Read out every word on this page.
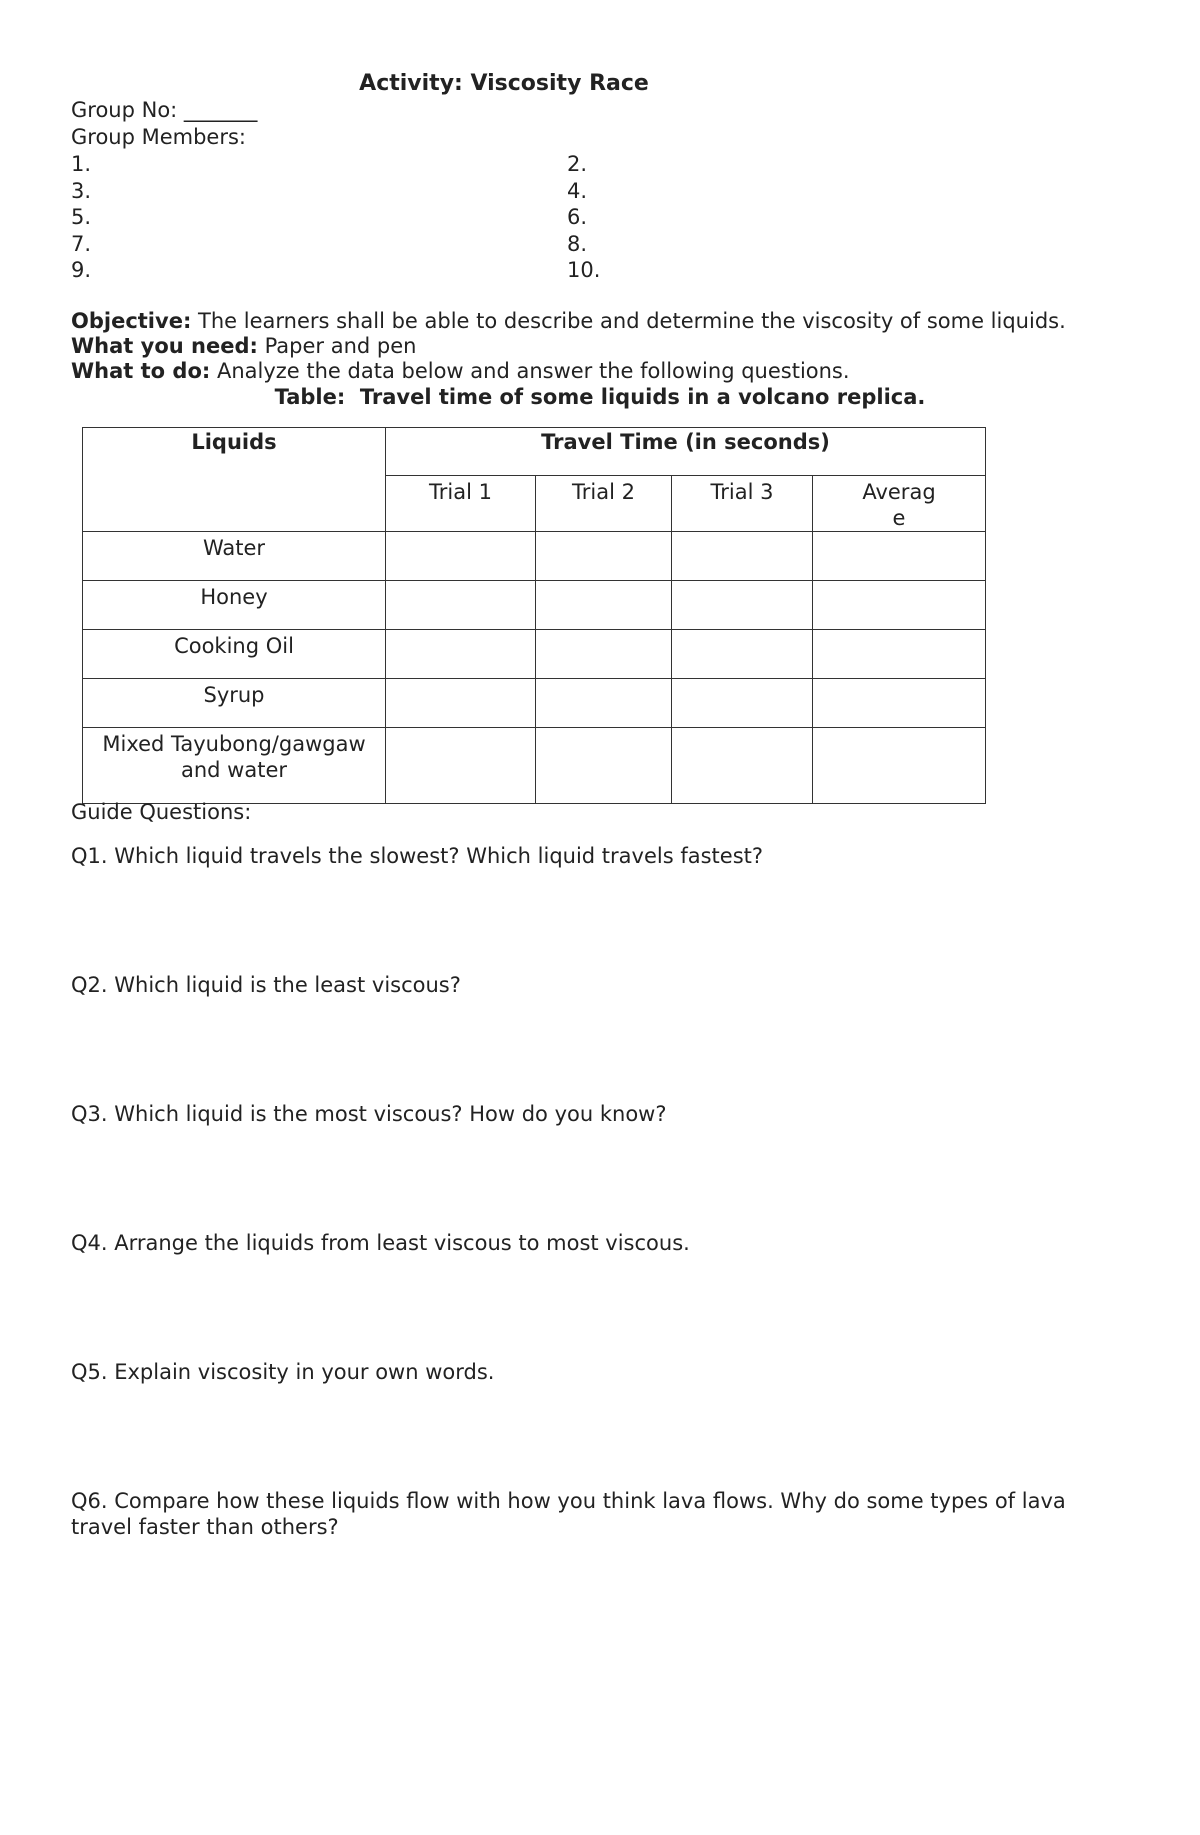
Activity: Viscosity Race
Group No: _______
Group Members:
1.	2.
3.	4.
5.	6.
7.	8.
9.	10.
Objective: The learners shall be able to describe and determine the viscosity of some liquids.
What you need: Paper and pen
What to do: Analyze the data below and answer the following questions.
Table:  Travel time of some liquids in a volcano replica.
Liquids	Travel Time (in seconds)			
	Trial 1	Trial 2	Trial 3	Averag
e
Water				
Honey				
Cooking Oil				
Syrup				
Mixed Tayubong/gawgaw and water				
Guide Questions:
Q1. Which liquid travels the slowest? Which liquid travels fastest?
Q2. Which liquid is the least viscous?
Q3. Which liquid is the most viscous? How do you know?
Q4. Arrange the liquids from least viscous to most viscous.
Q5. Explain viscosity in your own words.
Q6. Compare how these liquids flow with how you think lava flows. Why do some types of lava travel faster than others?
